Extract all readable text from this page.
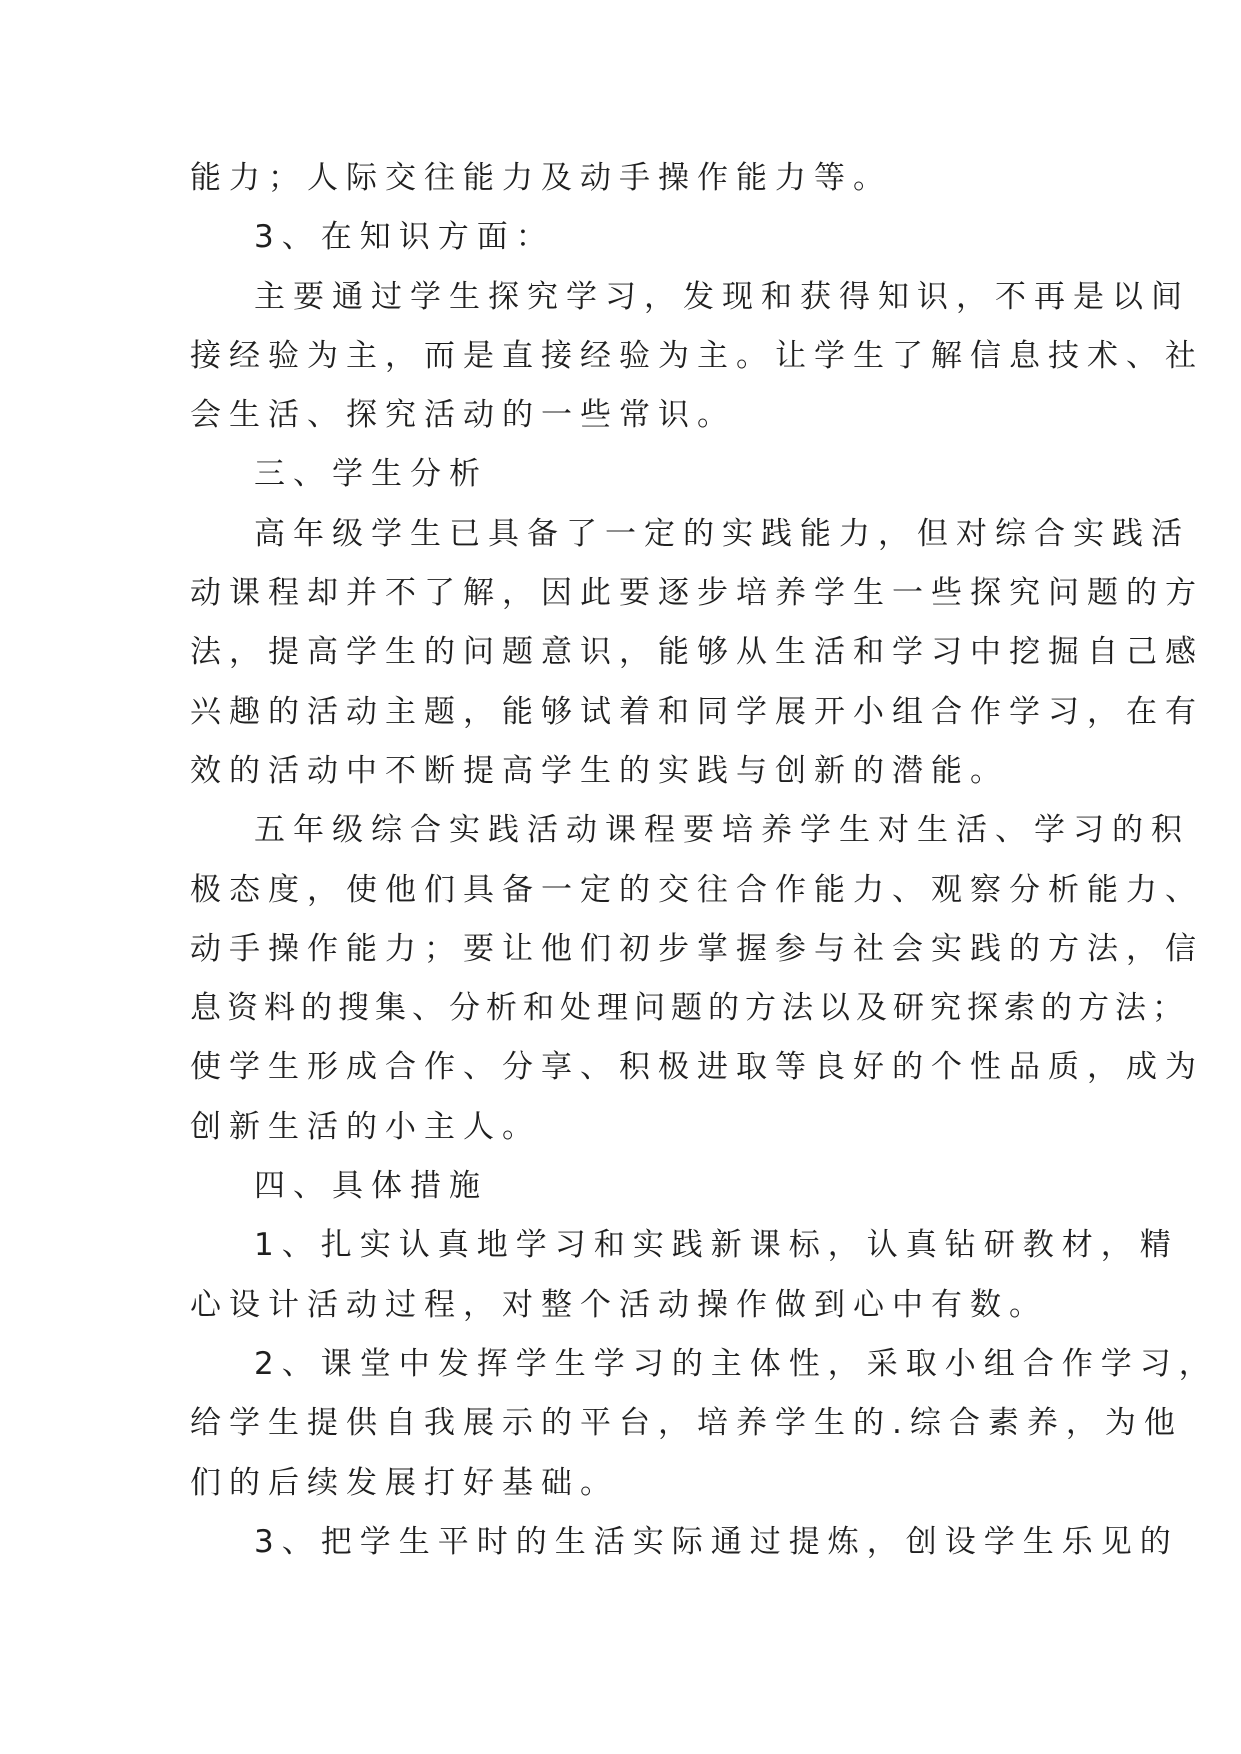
能力；人际交往能力及动手操作能力等。
3、在知识方面：
主要通过学生探究学习，发现和获得知识，不再是以间
接经验为主，而是直接经验为主。让学生了解信息技术、社
会生活、探究活动的一些常识。
三、学生分析
高年级学生已具备了一定的实践能力，但对综合实践活
动课程却并不了解，因此要逐步培养学生一些探究问题的方
法，提高学生的问题意识，能够从生活和学习中挖掘自己感
兴趣的活动主题，能够试着和同学展开小组合作学习，在有
效的活动中不断提高学生的实践与创新的潜能。
五年级综合实践活动课程要培养学生对生活、学习的积
极态度，使他们具备一定的交往合作能力、观察分析能力、
动手操作能力；要让他们初步掌握参与社会实践的方法，信
息资料的搜集、分析和处理问题的方法以及研究探索的方法；
使学生形成合作、分享、积极进取等良好的个性品质，成为
创新生活的小主人。
四、具体措施
1、扎实认真地学习和实践新课标，认真钻研教材，精
心设计活动过程，对整个活动操作做到心中有数。
2、课堂中发挥学生学习的主体性，采取小组合作学习，
给学生提供自我展示的平台，培养学生的.综合素养，为他
们的后续发展打好基础。
3、把学生平时的生活实际通过提炼，创设学生乐见的
